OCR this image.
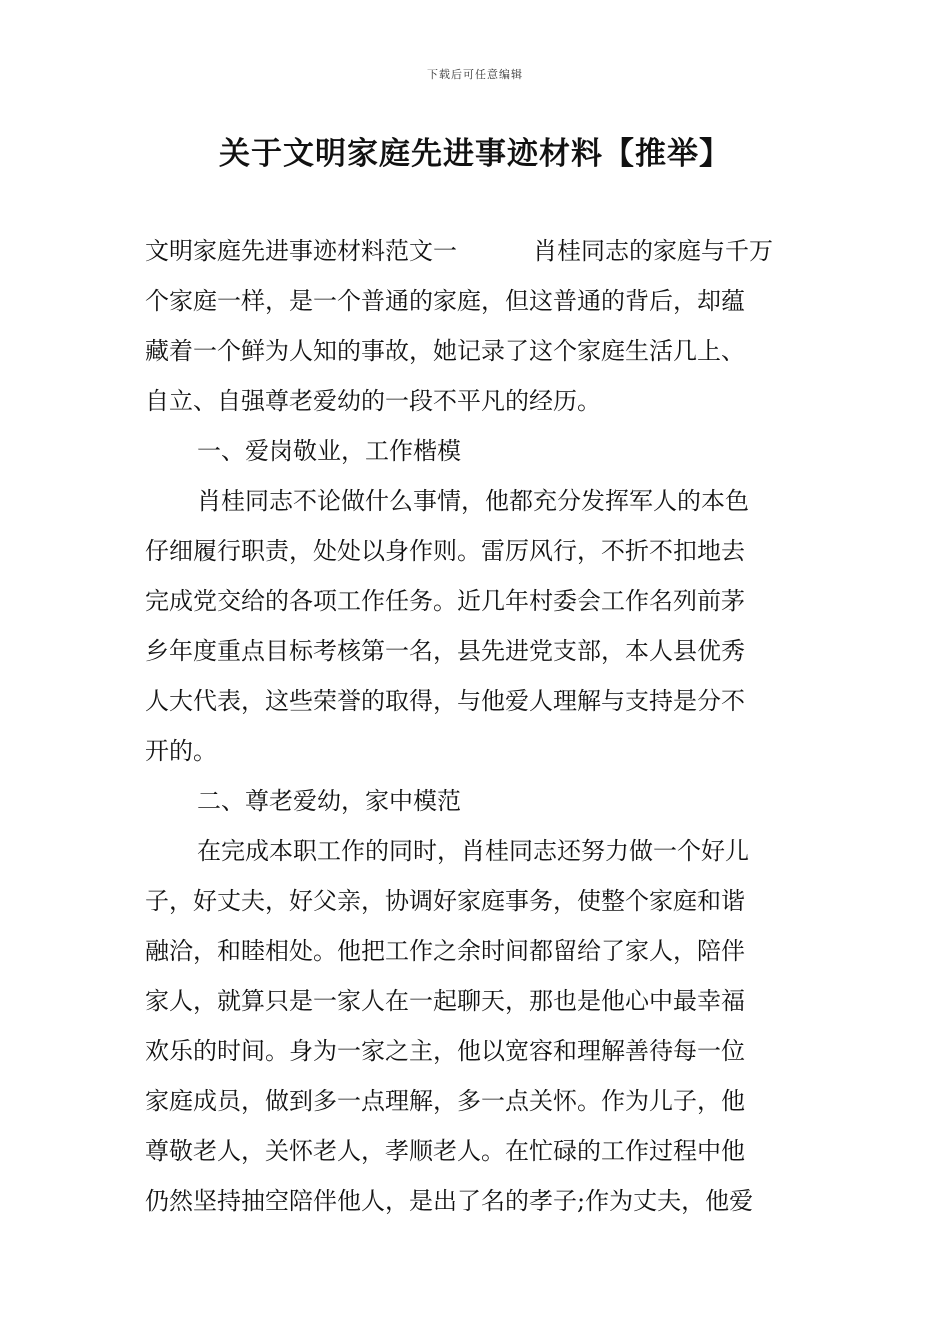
下载后可任意编辑
关于文明家庭先进事迹材料【推举】
文明家庭先进事迹材料范文一	肖桂同志的家庭与千万
个家庭一样，是一个普通的家庭，但这普通的背后，却蕴
藏着一个鲜为人知的事故，她记录了这个家庭生活几上、
自立、自强尊老爱幼的一段不平凡的经历。
一、爱岗敬业，工作楷模
肖桂同志不论做什么事情，他都充分发挥军人的本色
仔细履行职责，处处以身作则。雷厉风行，不折不扣地去
完成党交给的各项工作任务。近几年村委会工作名列前茅
乡年度重点目标考核第一名，县先进党支部，本人县优秀
人大代表，这些荣誉的取得，与他爱人理解与支持是分不
开的。
二、尊老爱幼，家中模范
在完成本职工作的同时，肖桂同志还努力做一个好儿
子，好丈夫，好父亲，协调好家庭事务，使整个家庭和谐
融洽，和睦相处。他把工作之余时间都留给了家人，陪伴
家人，就算只是一家人在一起聊天，那也是他心中最幸福
欢乐的时间。身为一家之主，他以宽容和理解善待每一位
家庭成员，做到多一点理解，多一点关怀。作为儿子，他
尊敬老人，关怀老人，孝顺老人。在忙碌的工作过程中他
仍然坚持抽空陪伴他人，是出了名的孝子;作为丈夫，他爱
